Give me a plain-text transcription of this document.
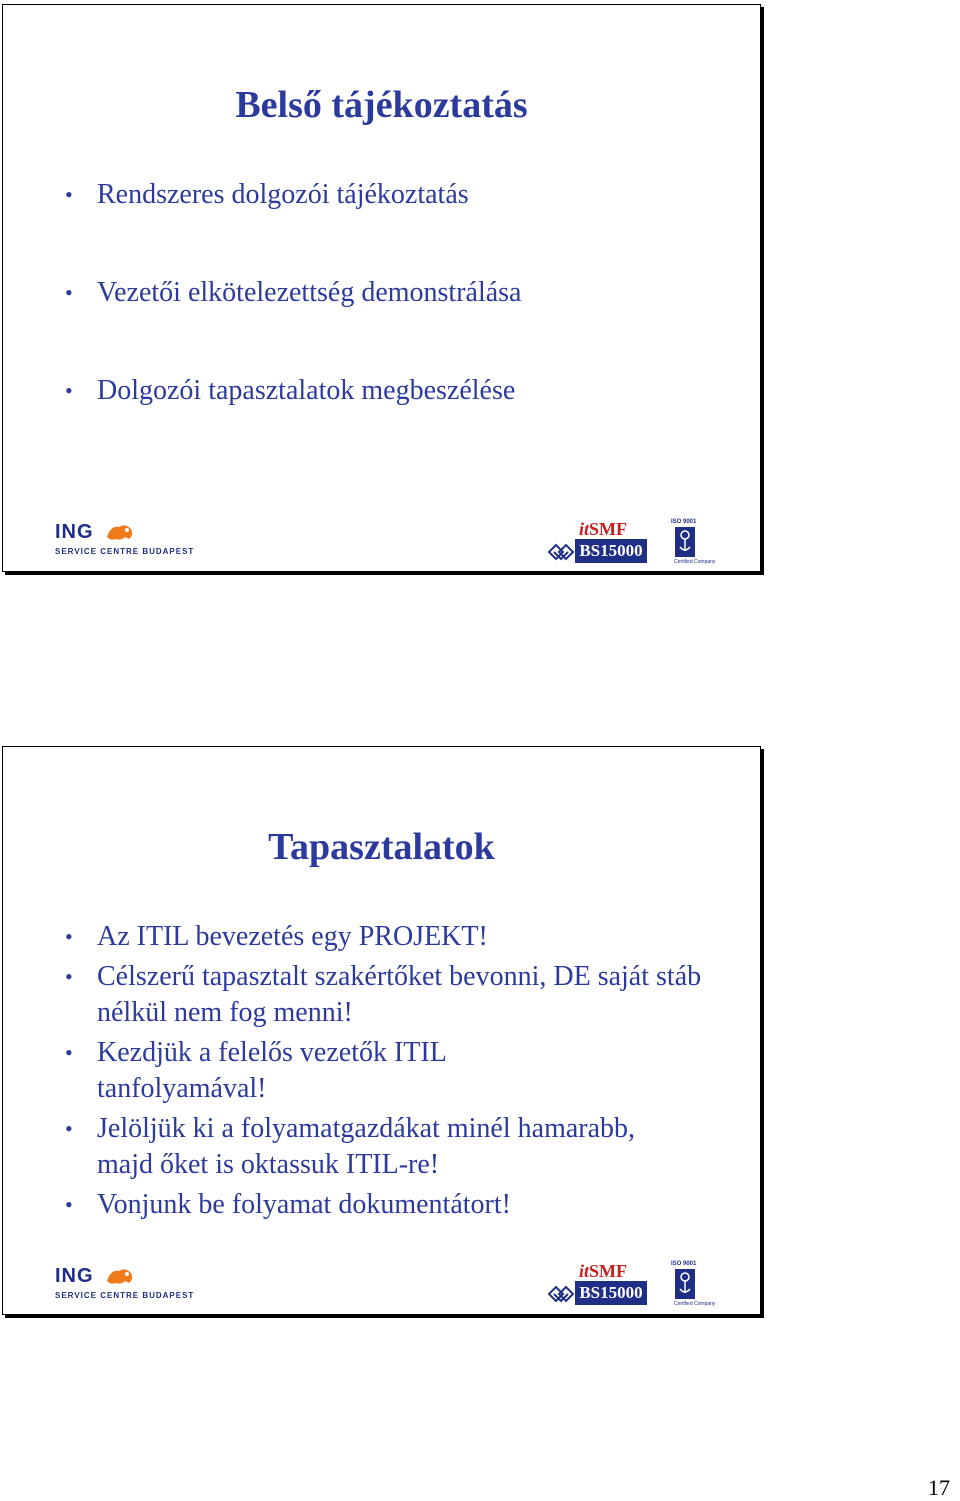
Belső tájékoztatás
• Rendszeres dolgozói tájékoztatás
• Vezetői elkötelezettség demonstrálása
• Dolgozói tapasztalatok megbeszélése
ING
SERVICE CENTRE BUDAPEST
itSMF
BS15000
ISO 9001
Certified Company
Tapasztalatok
• Az ITIL bevezetés egy PROJEKT!
• Célszerű tapasztalt szakértőket bevonni, DE saját stáb nélkül nem fog menni!
• Kezdjük a felelős vezetők ITIL tanfolyamával!
• Jelöljük ki a folyamatgazdákat minél hamarabb, majd őket is oktassuk ITIL-re!
• Vonjunk be folyamat dokumentátort!
ING
SERVICE CENTRE BUDAPEST
itSMF
BS15000
ISO 9001
Certified Company
17
